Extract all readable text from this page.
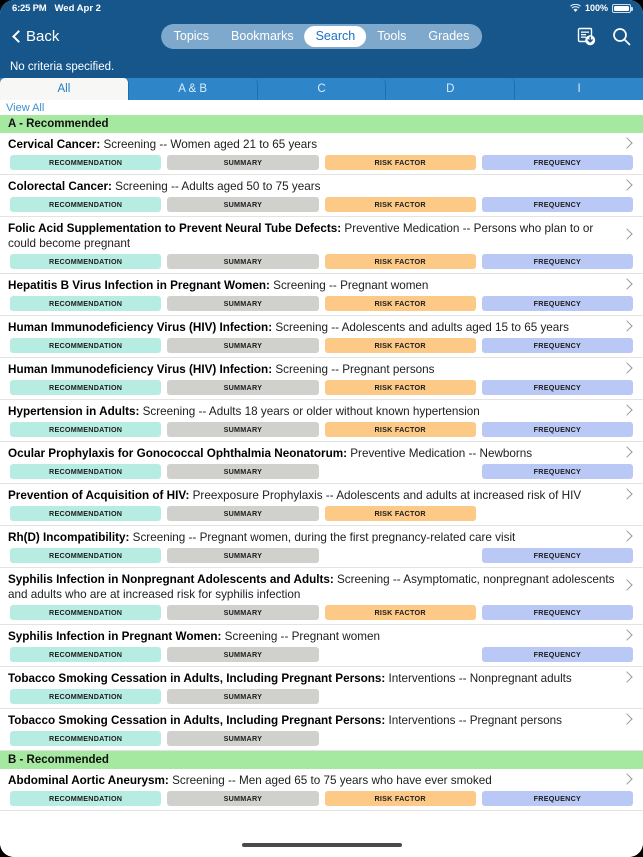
6:25 PM Wed Apr 2	100%
Back	Topics	Bookmarks	Search	Tools	Grades
No criteria specified.
All	A & B	C	D	I
View All
A - Recommended
Cervical Cancer: Screening -- Women aged 21 to 65 years
RECOMMENDATION	SUMMARY	RISK FACTOR	FREQUENCY
Colorectal Cancer: Screening -- Adults aged 50 to 75 years
RECOMMENDATION	SUMMARY	RISK FACTOR	FREQUENCY
Folic Acid Supplementation to Prevent Neural Tube Defects: Preventive Medication -- Persons who plan to or could become pregnant
RECOMMENDATION	SUMMARY	RISK FACTOR	FREQUENCY
Hepatitis B Virus Infection in Pregnant Women: Screening -- Pregnant women
RECOMMENDATION	SUMMARY	RISK FACTOR	FREQUENCY
Human Immunodeficiency Virus (HIV) Infection: Screening -- Adolescents and adults aged 15 to 65 years
RECOMMENDATION	SUMMARY	RISK FACTOR	FREQUENCY
Human Immunodeficiency Virus (HIV) Infection: Screening -- Pregnant persons
RECOMMENDATION	SUMMARY	RISK FACTOR	FREQUENCY
Hypertension in Adults: Screening -- Adults 18 years or older without known hypertension
RECOMMENDATION	SUMMARY	RISK FACTOR	FREQUENCY
Ocular Prophylaxis for Gonococcal Ophthalmia Neonatorum: Preventive Medication -- Newborns
RECOMMENDATION	SUMMARY	FREQUENCY
Prevention of Acquisition of HIV: Preexposure Prophylaxis -- Adolescents and adults at increased risk of HIV
RECOMMENDATION	SUMMARY	RISK FACTOR
Rh(D) Incompatibility: Screening -- Pregnant women, during the first pregnancy-related care visit
RECOMMENDATION	SUMMARY	FREQUENCY
Syphilis Infection in Nonpregnant Adolescents and Adults: Screening -- Asymptomatic, nonpregnant adolescents and adults who are at increased risk for syphilis infection
RECOMMENDATION	SUMMARY	RISK FACTOR	FREQUENCY
Syphilis Infection in Pregnant Women: Screening -- Pregnant women
RECOMMENDATION	SUMMARY	FREQUENCY
Tobacco Smoking Cessation in Adults, Including Pregnant Persons: Interventions -- Nonpregnant adults
RECOMMENDATION	SUMMARY
Tobacco Smoking Cessation in Adults, Including Pregnant Persons: Interventions -- Pregnant persons
RECOMMENDATION	SUMMARY
B - Recommended
Abdominal Aortic Aneurysm: Screening -- Men aged 65 to 75 years who have ever smoked
RECOMMENDATION	SUMMARY	RISK FACTOR	FREQUENCY
